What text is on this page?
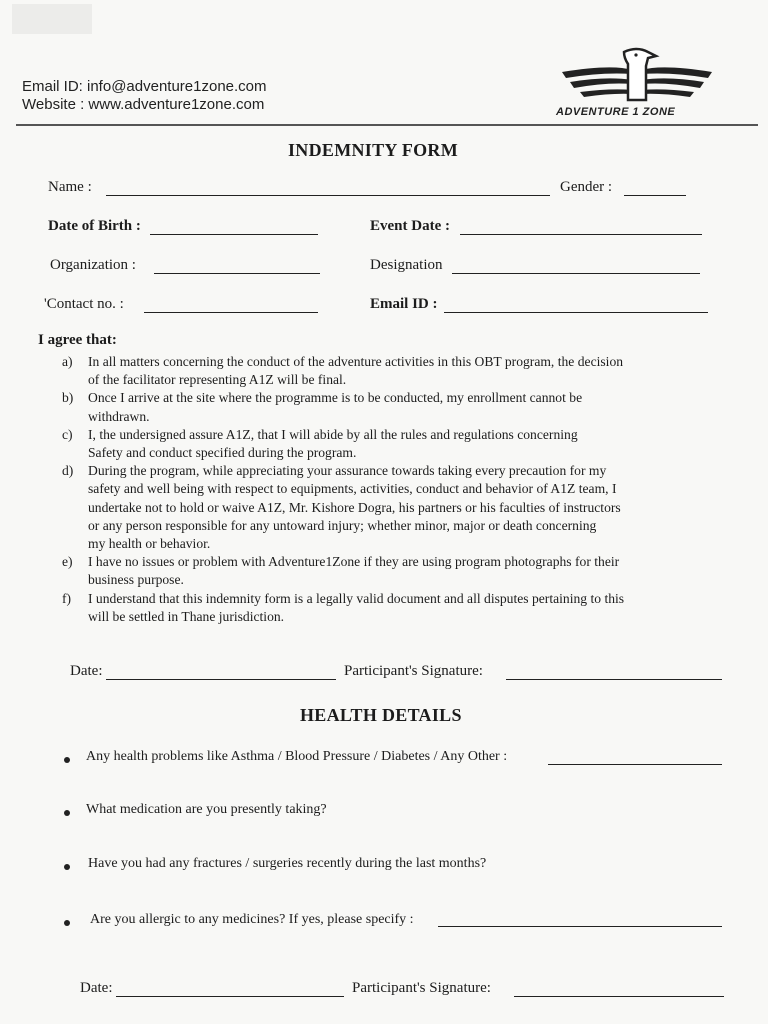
Email ID: info@adventure1zone.com
Website : www.adventure1zone.com	ADVENTURE 1 ZONE
INDEMNITY FORM
Name :	Gender :
Date of Birth :	Event Date :
Organization :	Designation
'Contact no. :	Email ID :
I agree that:
a) In all matters concerning the conduct of the adventure activities in this OBT program, the decision
of the facilitator representing A1Z will be final.
b) Once I arrive at the site where the programme is to be conducted, my enrollment cannot be
withdrawn.
c) I, the undersigned assure A1Z, that I will abide by all the rules and regulations concerning
Safety and conduct specified during the program.
d) During the program, while appreciating your assurance towards taking every precaution for my
safety and well being with respect to equipments, activities, conduct and behavior of A1Z team, I
undertake not to hold or waive A1Z, Mr. Kishore Dogra, his partners or his faculties of instructors
or any person responsible for any untoward injury; whether minor, major or death concerning
my health or behavior.
e) I have no issues or problem with Adventure1Zone if they are using program photographs for their
business purpose.
f) I understand that this indemnity form is a legally valid document and all disputes pertaining to this
will be settled in Thane jurisdiction.
Date:	Participant's Signature:
HEALTH DETAILS
Any health problems like Asthma / Blood Pressure / Diabetes / Any Other :
What medication are you presently taking?
Have you had any fractures / surgeries recently during the last months?
Are you allergic to any medicines? If yes, please specify :
Date:	Participant's Signature:
